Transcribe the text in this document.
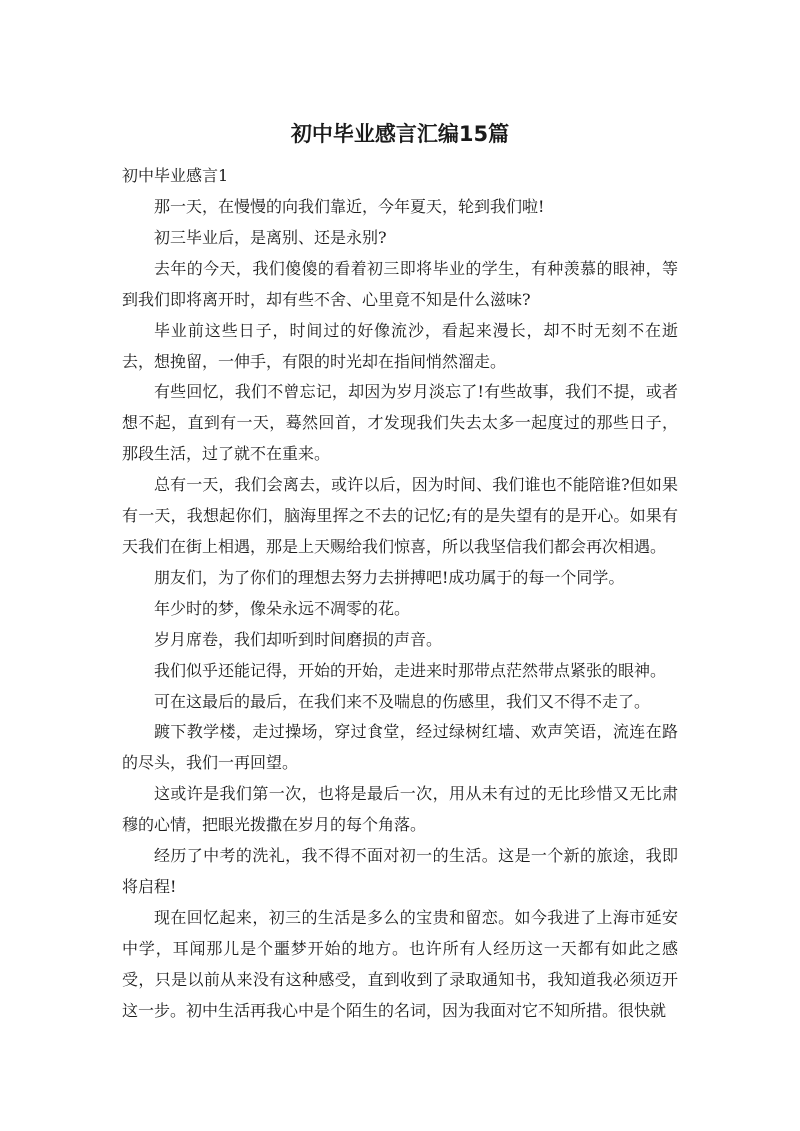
初中毕业感言汇编15篇

初中毕业感言1

那一天，在慢慢的向我们靠近，今年夏天，轮到我们啦!

初三毕业后，是离别、还是永别?

去年的今天，我们傻傻的看着初三即将毕业的学生，有种羡慕的眼神，等到我们即将离开时，却有些不舍、心里竟不知是什么滋味?

毕业前这些日子，时间过的好像流沙，看起来漫长，却不时无刻不在逝去，想挽留，一伸手，有限的时光却在指间悄然溜走。

有些回忆，我们不曾忘记，却因为岁月淡忘了!有些故事，我们不提，或者想不起，直到有一天，蓦然回首，才发现我们失去太多一起度过的那些日子，那段生活，过了就不在重来。

总有一天，我们会离去，或许以后，因为时间、我们谁也不能陪谁?但如果有一天，我想起你们，脑海里挥之不去的记忆;有的是失望有的是开心。如果有天我们在街上相遇，那是上天赐给我们惊喜，所以我坚信我们都会再次相遇。

朋友们，为了你们的理想去努力去拼搏吧!成功属于的每一个同学。

年少时的梦，像朵永远不凋零的花。

岁月席卷，我们却听到时间磨损的声音。

我们似乎还能记得，开始的开始，走进来时那带点茫然带点紧张的眼神。

可在这最后的最后，在我们来不及喘息的伤感里，我们又不得不走了。

踱下教学楼，走过操场，穿过食堂，经过绿树红墙、欢声笑语，流连在路的尽头，我们一再回望。

这或许是我们第一次，也将是最后一次，用从未有过的无比珍惜又无比肃穆的心情，把眼光拨撒在岁月的每个角落。

经历了中考的洗礼，我不得不面对初一的生活。这是一个新的旅途，我即将启程!

现在回忆起来，初三的生活是多么的宝贵和留恋。如今我进了上海市延安中学，耳闻那儿是个噩梦开始的地方。也许所有人经历这一天都有如此之感受，只是以前从来没有这种感受，直到收到了录取通知书，我知道我必须迈开这一步。初中生活再我心中是个陌生的名词，因为我面对它不知所措。很快就
